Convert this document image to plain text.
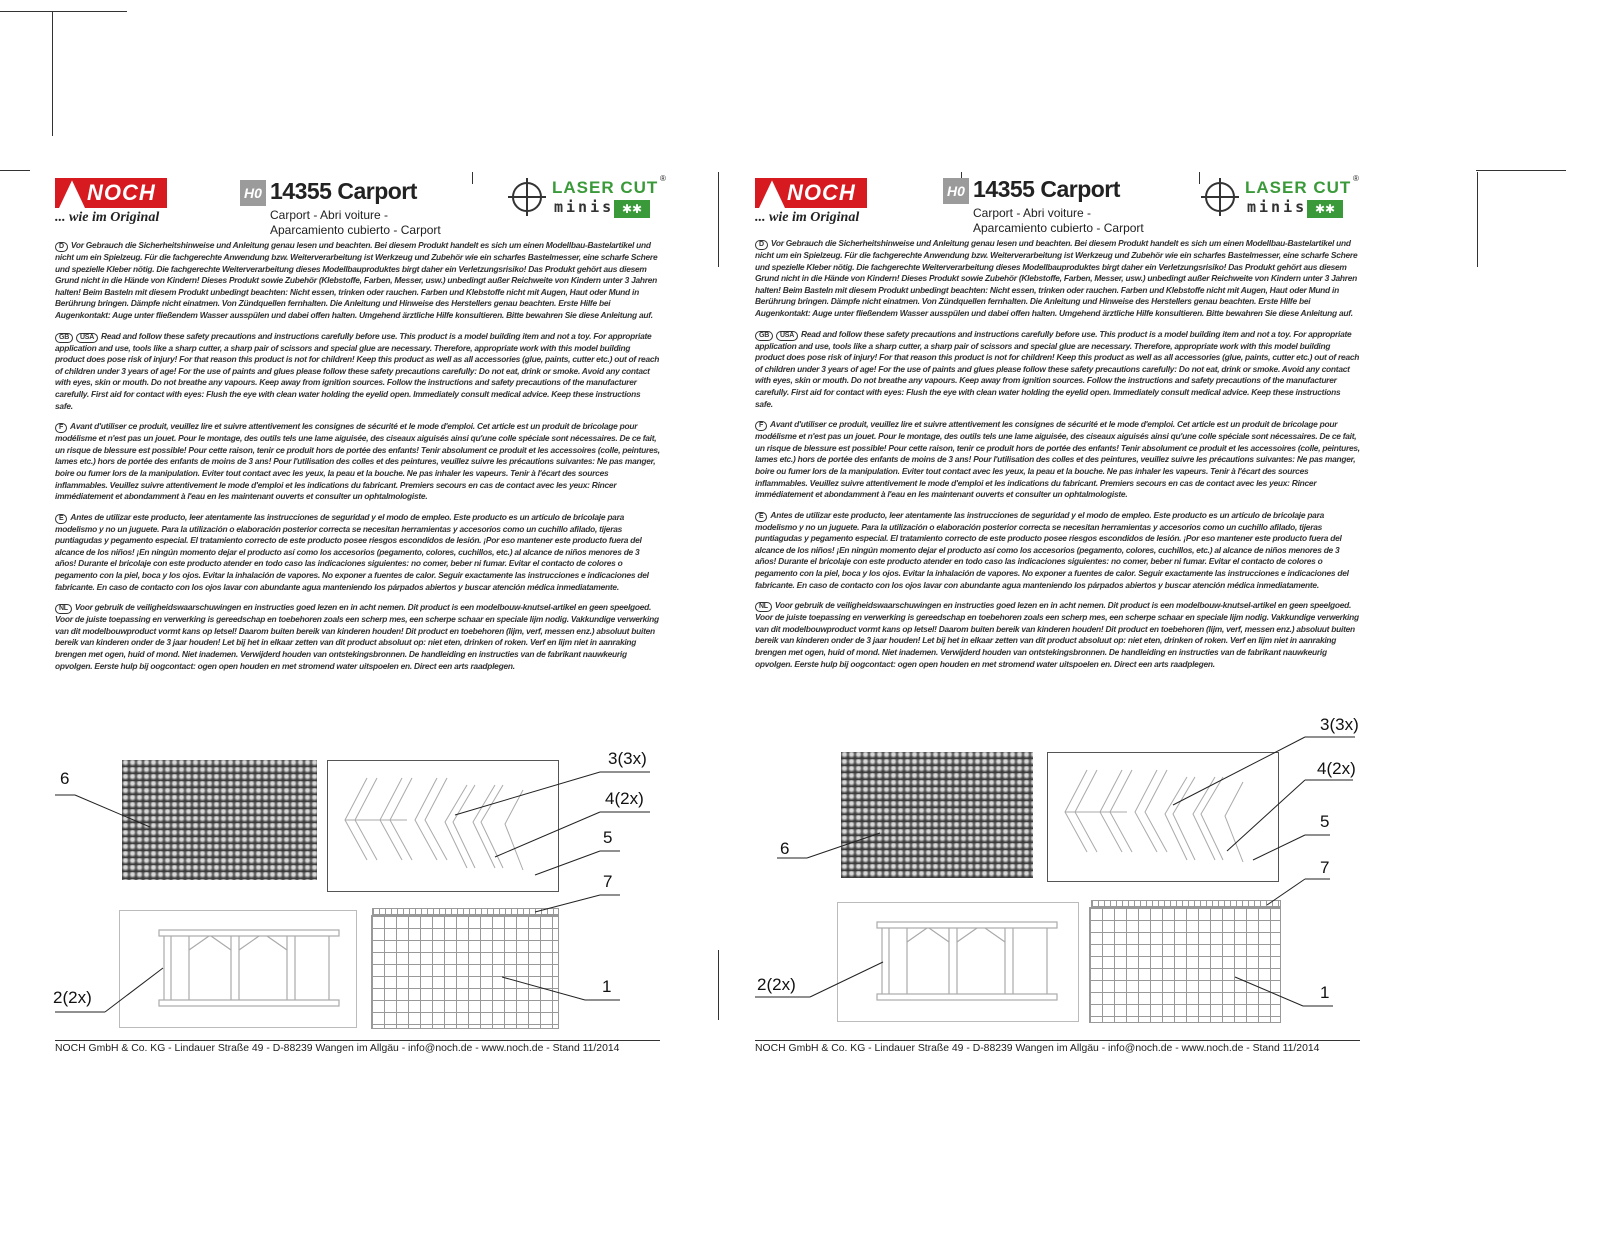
NOCH
... wie im Original
H0 14355 Carport
Carport - Abri voiture -
Aparcamiento cubierto - Carport
LASER CUT
minis ✱✱
®

D Vor Gebrauch die Sicherheitshinweise und Anleitung genau lesen und beachten. Bei diesem Produkt handelt es sich um einen Modellbau-Bastelartikel und nicht um ein Spielzeug. Für die fachgerechte Anwendung bzw. Weiterverarbeitung ist Werkzeug und Zubehör wie ein scharfes Bastelmesser, eine scharfe Schere und spezielle Kleber nötig. Die fachgerechte Weiterverarbeitung dieses Modellbauproduktes birgt daher ein Verletzungsrisiko! Das Produkt gehört aus diesem Grund nicht in die Hände von Kindern! Dieses Produkt sowie Zubehör (Klebstoffe, Farben, Messer, usw.) unbedingt außer Reichweite von Kindern unter 3 Jahren halten! Beim Basteln mit diesem Produkt unbedingt beachten: Nicht essen, trinken oder rauchen. Farben und Klebstoffe nicht mit Augen, Haut oder Mund in Berührung bringen. Dämpfe nicht einatmen. Von Zündquellen fernhalten. Die Anleitung und Hinweise des Herstellers genau beachten. Erste Hilfe bei Augenkontakt: Auge unter fließendem Wasser ausspülen und dabei offen halten. Umgehend ärztliche Hilfe konsultieren. Bitte bewahren Sie diese Anleitung auf.

GB USA Read and follow these safety precautions and instructions carefully before use. This product is a model building item and not a toy. For appropriate application and use, tools like a sharp cutter, a sharp pair of scissors and special glue are necessary. Therefore, appropriate work with this model building product does pose risk of injury! For that reason this product is not for children! Keep this product as well as all accessories (glue, paints, cutter etc.) out of reach of children under 3 years of age! For the use of paints and glues please follow these safety precautions carefully: Do not eat, drink or smoke. Avoid any contact with eyes, skin or mouth. Do not breathe any vapours. Keep away from ignition sources. Follow the instructions and safety precautions of the manufacturer carefully. First aid for contact with eyes: Flush the eye with clean water holding the eyelid open. Immediately consult medical advice. Keep these instructions safe.

F Avant d'utiliser ce produit, veuillez lire et suivre attentivement les consignes de sécurité et le mode d'emploi. Cet article est un produit de bricolage pour modélisme et n'est pas un jouet. Pour le montage, des outils tels une lame aiguisée, des ciseaux aiguisés ainsi qu'une colle spéciale sont nécessaires. De ce fait, un risque de blessure est possible! Pour cette raison, tenir ce produit hors de portée des enfants! Tenir absolument ce produit et les accessoires (colle, peintures, lames etc.) hors de portée des enfants de moins de 3 ans! Pour l'utilisation des colles et des peintures, veuillez suivre les précautions suivantes: Ne pas manger, boire ou fumer lors de la manipulation. Eviter tout contact avec les yeux, la peau et la bouche. Ne pas inhaler les vapeurs. Tenir à l'écart des sources inflammables. Veuillez suivre attentivement le mode d'emploi et les indications du fabricant. Premiers secours en cas de contact avec les yeux: Rincer immédiatement et abondamment à l'eau en les maintenant ouverts et consulter un ophtalmologiste.

E Antes de utilizar este producto, leer atentamente las instrucciones de seguridad y el modo de empleo. Este producto es un artículo de bricolaje para modelismo y no un juguete. Para la utilización o elaboración posterior correcta se necesitan herramientas y accesorios como un cuchillo afilado, tijeras puntiagudas y pegamento especial. El tratamiento correcto de este producto posee riesgos escondidos de lesión. ¡Por eso mantener este producto fuera del alcance de los niños! ¡En ningún momento dejar el producto así como los accesorios (pegamento, colores, cuchillos, etc.) al alcance de niños menores de 3 años! Durante el bricolaje con este producto atender en todo caso las indicaciones siguientes: no comer, beber ni fumar. Evitar el contacto de colores o pegamento con la piel, boca y los ojos. Evitar la inhalación de vapores. No exponer a fuentes de calor. Seguir exactamente las instrucciones e indicaciones del fabricante. En caso de contacto con los ojos lavar con abundante agua manteniendo los párpados abiertos y buscar atención médica inmediatamente.

NL Voor gebruik de veiligheidswaarschuwingen en instructies goed lezen en in acht nemen. Dit product is een modelbouw-knutsel-artikel en geen speelgoed. Voor de juiste toepassing en verwerking is gereedschap en toebehoren zoals een scherp mes, een scherpe schaar en speciale lijm nodig. Vakkundige verwerking van dit modelbouwproduct vormt kans op letsel! Daarom buiten bereik van kinderen houden! Dit product en toebehoren (lijm, verf, messen enz.) absoluut buiten bereik van kinderen onder de 3 jaar houden! Let bij het in elkaar zetten van dit product absoluut op: niet eten, drinken of roken. Verf en lijm niet in aanraking brengen met ogen, huid of mond. Niet inademen. Verwijderd houden van ontstekingsbronnen. De handleiding en instructies van de fabrikant nauwkeurig opvolgen. Eerste hulp bij oogcontact: ogen open houden en met stromend water uitspoelen en. Direct een arts raadplegen.

6
3(3x)
4(2x)
5
7
2(2x)
1
NOCH GmbH & Co. KG - Lindauer Straße 49 - D-88239 Wangen im Allgäu - info@noch.de - www.noch.de - Stand 11/2014
NOCH
... wie im Original
H0 14355 Carport
Carport - Abri voiture -
Aparcamiento cubierto - Carport
LASER CUT
minis ✱✱
®

D Vor Gebrauch die Sicherheitshinweise und Anleitung genau lesen und beachten. Bei diesem Produkt handelt es sich um einen Modellbau-Bastelartikel und nicht um ein Spielzeug. Für die fachgerechte Anwendung bzw. Weiterverarbeitung ist Werkzeug und Zubehör wie ein scharfes Bastelmesser, eine scharfe Schere und spezielle Kleber nötig. Die fachgerechte Weiterverarbeitung dieses Modellbauproduktes birgt daher ein Verletzungsrisiko! Das Produkt gehört aus diesem Grund nicht in die Hände von Kindern! Dieses Produkt sowie Zubehör (Klebstoffe, Farben, Messer, usw.) unbedingt außer Reichweite von Kindern unter 3 Jahren halten! Beim Basteln mit diesem Produkt unbedingt beachten: Nicht essen, trinken oder rauchen. Farben und Klebstoffe nicht mit Augen, Haut oder Mund in Berührung bringen. Dämpfe nicht einatmen. Von Zündquellen fernhalten. Die Anleitung und Hinweise des Herstellers genau beachten. Erste Hilfe bei Augenkontakt: Auge unter fließendem Wasser ausspülen und dabei offen halten. Umgehend ärztliche Hilfe konsultieren. Bitte bewahren Sie diese Anleitung auf.

GB USA Read and follow these safety precautions and instructions carefully before use. This product is a model building item and not a toy. For appropriate application and use, tools like a sharp cutter, a sharp pair of scissors and special glue are necessary. Therefore, appropriate work with this model building product does pose risk of injury! For that reason this product is not for children! Keep this product as well as all accessories (glue, paints, cutter etc.) out of reach of children under 3 years of age! For the use of paints and glues please follow these safety precautions carefully: Do not eat, drink or smoke. Avoid any contact with eyes, skin or mouth. Do not breathe any vapours. Keep away from ignition sources. Follow the instructions and safety precautions of the manufacturer carefully. First aid for contact with eyes: Flush the eye with clean water holding the eyelid open. Immediately consult medical advice. Keep these instructions safe.

F Avant d'utiliser ce produit, veuillez lire et suivre attentivement les consignes de sécurité et le mode d'emploi. Cet article est un produit de bricolage pour modélisme et n'est pas un jouet. Pour le montage, des outils tels une lame aiguisée, des ciseaux aiguisés ainsi qu'une colle spéciale sont nécessaires. De ce fait, un risque de blessure est possible! Pour cette raison, tenir ce produit hors de portée des enfants! Tenir absolument ce produit et les accessoires (colle, peintures, lames etc.) hors de portée des enfants de moins de 3 ans! Pour l'utilisation des colles et des peintures, veuillez suivre les précautions suivantes: Ne pas manger, boire ou fumer lors de la manipulation. Eviter tout contact avec les yeux, la peau et la bouche. Ne pas inhaler les vapeurs. Tenir à l'écart des sources inflammables. Veuillez suivre attentivement le mode d'emploi et les indications du fabricant. Premiers secours en cas de contact avec les yeux: Rincer immédiatement et abondamment à l'eau en les maintenant ouverts et consulter un ophtalmologiste.

E Antes de utilizar este producto, leer atentamente las instrucciones de seguridad y el modo de empleo. Este producto es un artículo de bricolaje para modelismo y no un juguete. Para la utilización o elaboración posterior correcta se necesitan herramientas y accesorios como un cuchillo afilado, tijeras puntiagudas y pegamento especial. El tratamiento correcto de este producto posee riesgos escondidos de lesión. ¡Por eso mantener este producto fuera del alcance de los niños! ¡En ningún momento dejar el producto así como los accesorios (pegamento, colores, cuchillos, etc.) al alcance de niños menores de 3 años! Durante el bricolaje con este producto atender en todo caso las indicaciones siguientes: no comer, beber ni fumar. Evitar el contacto de colores o pegamento con la piel, boca y los ojos. Evitar la inhalación de vapores. No exponer a fuentes de calor. Seguir exactamente las instrucciones e indicaciones del fabricante. En caso de contacto con los ojos lavar con abundante agua manteniendo los párpados abiertos y buscar atención médica inmediatamente.

NL Voor gebruik de veiligheidswaarschuwingen en instructies goed lezen en in acht nemen. Dit product is een modelbouw-knutsel-artikel en geen speelgoed. Voor de juiste toepassing en verwerking is gereedschap en toebehoren zoals een scherp mes, een scherpe schaar en speciale lijm nodig. Vakkundige verwerking van dit modelbouwproduct vormt kans op letsel! Daarom buiten bereik van kinderen houden! Dit product en toebehoren (lijm, verf, messen enz.) absoluut buiten bereik van kinderen onder de 3 jaar houden! Let bij het in elkaar zetten van dit product absoluut op: niet eten, drinken of roken. Verf en lijm niet in aanraking brengen met ogen, huid of mond. Niet inademen. Verwijderd houden van ontstekingsbronnen. De handleiding en instructies van de fabrikant nauwkeurig opvolgen. Eerste hulp bij oogcontact: ogen open houden en met stromend water uitspoelen en. Direct een arts raadplegen.

6
3(3x)
4(2x)
5
7
2(2x)	1
NOCH GmbH & Co. KG - Lindauer Straße 49 - D-88239 Wangen im Allgäu - info@noch.de - www.noch.de - Stand 11/2014
